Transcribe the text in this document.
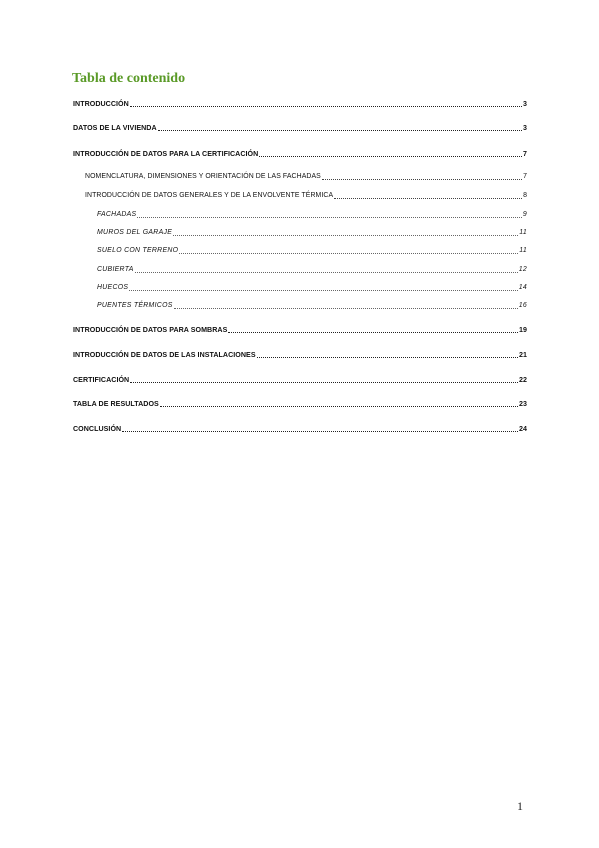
Tabla de contenido
INTRODUCCIÓN	3
DATOS DE LA VIVIENDA	3
INTRODUCCIÓN DE DATOS PARA LA CERTIFICACIÓN	7
NOMENCLATURA, DIMENSIONES Y ORIENTACIÓN DE LAS FACHADAS	7
INTRODUCCIÓN DE DATOS GENERALES Y DE LA ENVOLVENTE TÉRMICA	8
FACHADAS	9
MUROS DEL GARAJE	11
SUELO CON TERRENO	11
CUBIERTA	12
HUECOS	14
PUENTES TÉRMICOS	16
INTRODUCCIÓN DE DATOS PARA SOMBRAS	19
INTRODUCCIÓN DE DATOS DE LAS INSTALACIONES	21
CERTIFICACIÓN	22
TABLA DE RESULTADOS	23
CONCLUSIÓN	24
1
